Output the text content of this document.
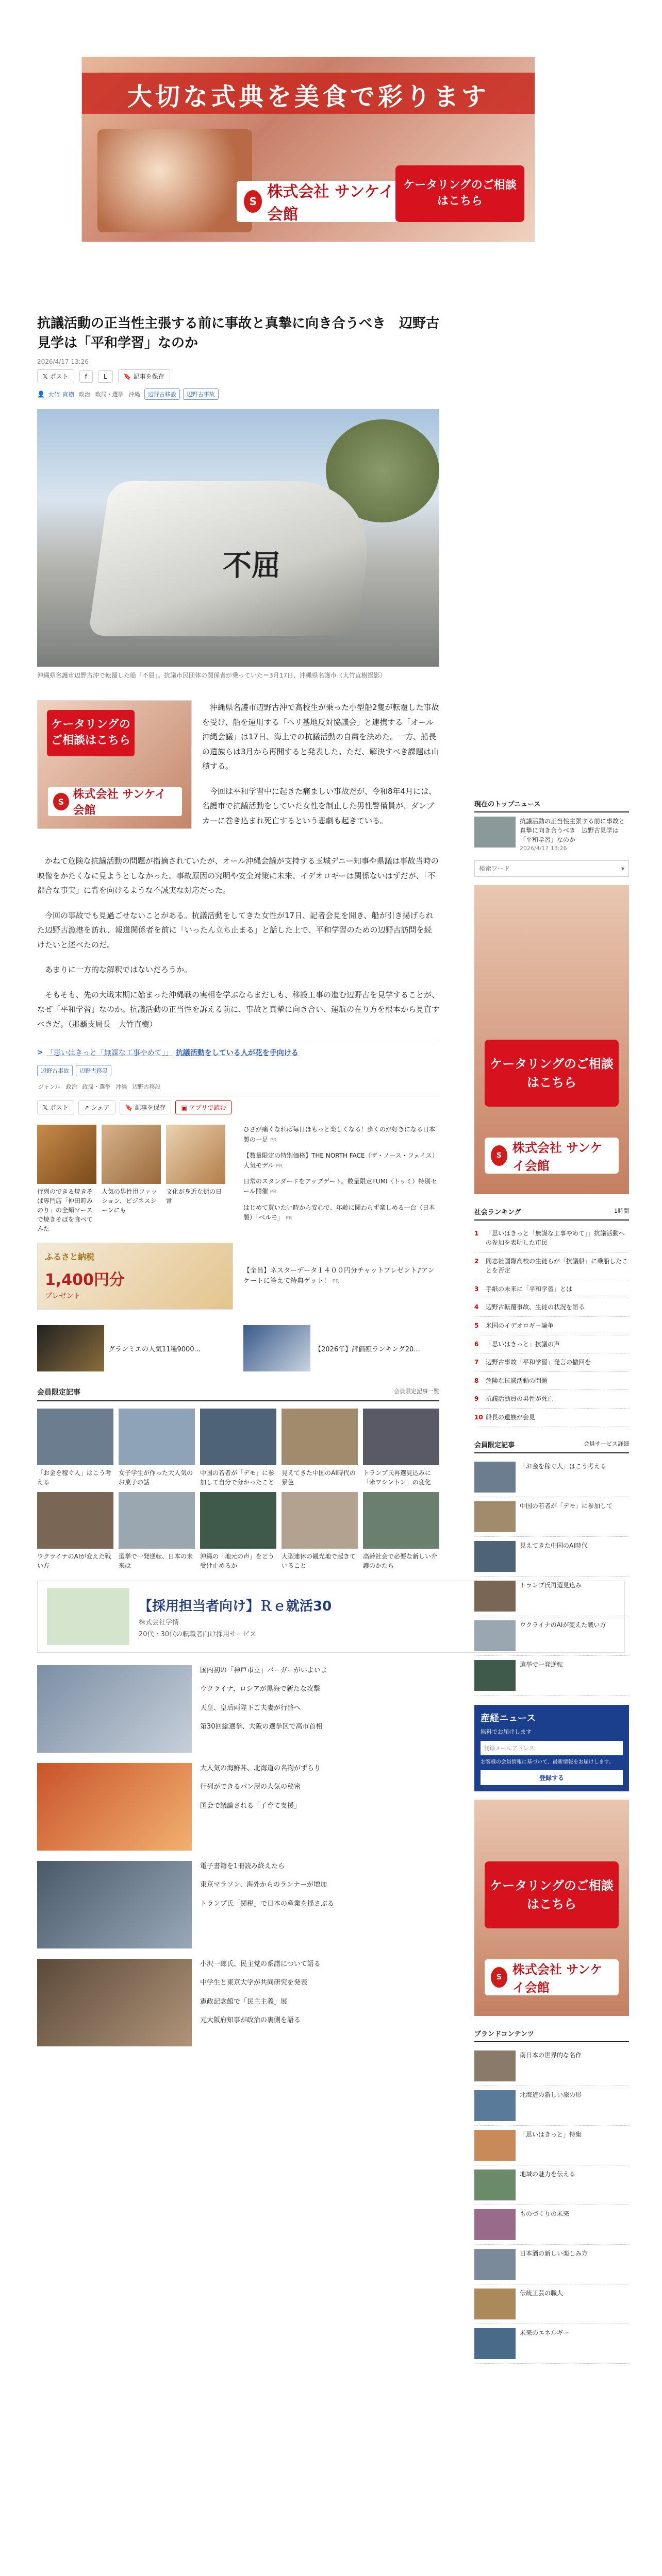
大切な式典を美食で彩ります
S
株式会社 サンケイ会館
ケータリングのご相談はこちら
抗議活動の正当性主張する前に事故と真摯に向き合うべき　辺野古見学は「平和学習」なのか
2026/4/17 13:26
𝕏 ポスト	f	L	🔖 記事を保存
👤 大竹 直樹 政治 政局・選挙 沖縄	辺野古移設	辺野古事故
不屈
沖縄県名護市辺野古沖で転覆した船「不屈」。抗議市民団体の関係者が乗っていた＝3月17日、沖縄県名護市（大竹直樹撮影）
ケータリングのご相談はこちら
S
株式会社 サンケイ会館

沖縄県名護市辺野古沖で高校生が乗った小型船2隻が転覆した事故を受け、船を運用する「ヘリ基地反対協議会」と連携する「オール沖縄会議」は17日、海上での抗議活動の自粛を決めた。一方、船長の遺族らは3月から再開すると発表した。ただ、解決すべき課題は山積する。

今回は平和学習中に起きた痛ましい事故だが、令和8年4月には、名護市で抗議活動をしていた女性を制止した男性警備員が、ダンプカーに巻き込まれ死亡するという悲劇も起きている。

かねて危険な抗議活動の問題が指摘されていたが、オール沖縄会議が支持する玉城デニー知事や県議は事故当時の映像をかたくなに見ようとしなかった。事故原因の究明や安全対策に未来、イデオロギーは関係ないはずだが、「不都合な事実」に背を向けるような不誠実な対応だった。

今回の事故でも見過ごせないことがある。抗議活動をしてきた女性が17日、記者会見を開き、船が引き揚げられた辺野古漁港を訪れ、報道関係者を前に「いったん立ち止まる」と話した上で、平和学習のための辺野古訪問を続けたいと述べたのだ。

あまりに一方的な解釈ではないだろうか。

そもそも、先の大戦末期に始まった沖縄戦の実相を学ぶならまだしも、移設工事の進む辺野古を見学することが、なぜ「平和学習」なのか。抗議活動の正当性を訴える前に、事故と真摯に向き合い、運航の在り方を根本から見直すべきだ。（那覇支局長　大竹直樹）

> 「思いはきっと「無謀な工事やめて」」 抗議活動をしている人が花を手向ける
辺野古事故	辺野古移設
ジャンル 政治 政局・選挙 沖縄 辺野古移設
𝕏 ポスト	↗ シェア	🔖 記事を保存	▣ アプリで読む
行列のできる焼きそば専門店「仲田町みのり」の全麺ソースで焼きそばを食べてみた
人気の男性用ファッション、ビジネスシーンにも
文化が身近な街の日常

ひざが痛くなれば毎日ほもっと楽しくなる！歩くのが好きになる日本製の一足 PR

【数量限定の特別価格】THE NORTH FACE（ザ・ノース・フェイス）人気モデル PR

日常のスタンダードをアップデート。数量限定TUMI（トゥミ）特別セール開催 PR

はじめて買いたい時から安心で、年齢に関わらず楽しめる一台（日本製）「ベルモ」 PR

ふるさと納税
1,400円分
プレゼント
【全員】ネスターデータ１４００円分チャットプレゼント♪アンケートに答えて特典ゲット！ PR
グランミエの人気11種9000...	【2026年】評価額ランキング20...
会員限定記事	会員限定記事一覧
「お金を稼ぐ人」はこう考える
女子学生が作った大人気のお菓子の話
中国の若者が「デモ」に参加して自分で分かったこと
見えてきた中国のAI時代の景色
トランプ氏再選見込みに「米ワシントン」の変化
ウクライナのAIが変えた戦い方
選挙で一発逆転、日本の未来は
沖縄の「地元の声」をどう受け止めるか
大型連休の観光地で起きていること
高齢社会で必要な新しい介護のかたち
【採用担当者向け】Ｒｅ就活30
株式会社学情
20代・30代の転職者向け採用サービス

国内初の「神戸市立」バーガーがいよいよ

ウクライナ、ロシアが黒海で新たな攻撃

天皇、皇后両陛下ご夫妻が行啓へ

第30回総選挙、大阪の選挙区で高市首相

大人気の海鮮丼、北海道の名物がずらり

行列ができるパン屋の人気の秘密

国会で議論される「子育て支援」

電子書籍を1冊読み終えたら

東京マラソン、海外からのランナーが増加

トランプ氏「関税」で日本の産業を揺さぶる

小沢一郎氏、民主党の系譜について語る

中学生と東京大学が共同研究を発表

憲政記念館で「民主主義」展

元大阪府知事が政治の裏側を語る

現在のトップニュース
抗議活動の正当性主張する前に事故と真摯に向き合うべき　辺野古見学は「平和学習」なのか
2026/4/17 13:26
検索ワード	▾
ケータリングのご相談はこちら
S
株式会社 サンケイ会館
社会ランキング	1時間
1	「思いはきっと「無謀な工事やめて」」抗議活動への参加を表明した市民
2	同志社国際高校の生徒らが「抗議船」に乗船したことを否定
3	手紙の未来に「平和学習」とは
4	辺野古転覆事故、生徒の状況を語る
5	米国のイデオロギー論争
6	「思いはきっと」抗議の声
7	辺野古事故「平和学習」発言の撤回を
8	危険な抗議活動の問題
9	抗議活動員の男性が死亡
10 船長の遺族が会見
会員限定記事	会員サービス詳細
「お金を稼ぐ人」はこう考える
中国の若者が「デモ」に参加して
見えてきた中国のAI時代
トランプ氏再選見込み
ウクライナのAIが変えた戦い方
選挙で一発逆転
産経ニュース
無料でお届けします
登録メールアドレス
お客様の会員情報に基づいて、最新情報をお届けします。
登録する
ケータリングのご相談はこちら
S
株式会社 サンケイ会館
ブランドコンテンツ
南日本の世界的な名作
北海道の新しい旅の形
「思いはきっと」特集
地域の魅力を伝える
ものづくりの未来
日本酒の新しい楽しみ方
伝統工芸の職人
未来のエネルギー
